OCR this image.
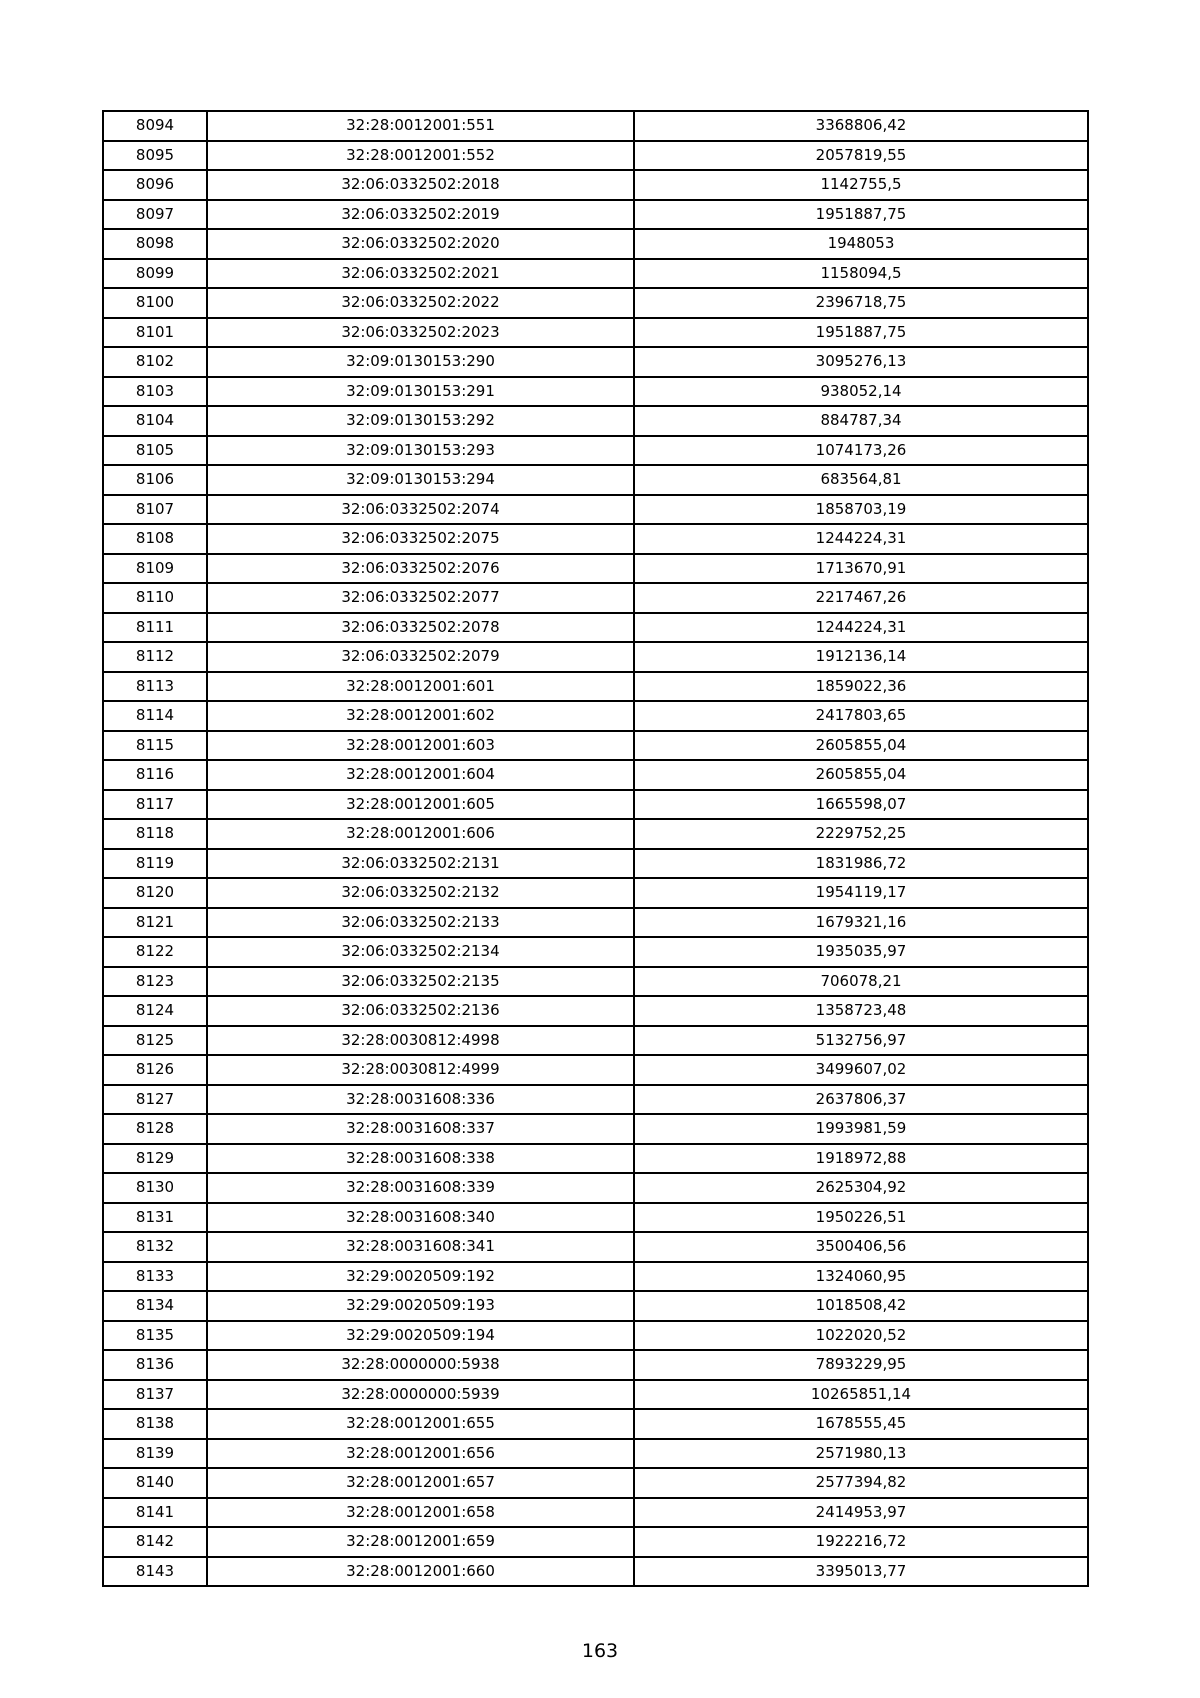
8094	32:28:0012001:551	3368806,42
8095	32:28:0012001:552	2057819,55
8096	32:06:0332502:2018	1142755,5
8097	32:06:0332502:2019	1951887,75
8098	32:06:0332502:2020	1948053
8099	32:06:0332502:2021	1158094,5
8100	32:06:0332502:2022	2396718,75
8101	32:06:0332502:2023	1951887,75
8102	32:09:0130153:290	3095276,13
8103	32:09:0130153:291	938052,14
8104	32:09:0130153:292	884787,34
8105	32:09:0130153:293	1074173,26
8106	32:09:0130153:294	683564,81
8107	32:06:0332502:2074	1858703,19
8108	32:06:0332502:2075	1244224,31
8109	32:06:0332502:2076	1713670,91
8110	32:06:0332502:2077	2217467,26
8111	32:06:0332502:2078	1244224,31
8112	32:06:0332502:2079	1912136,14
8113	32:28:0012001:601	1859022,36
8114	32:28:0012001:602	2417803,65
8115	32:28:0012001:603	2605855,04
8116	32:28:0012001:604	2605855,04
8117	32:28:0012001:605	1665598,07
8118	32:28:0012001:606	2229752,25
8119	32:06:0332502:2131	1831986,72
8120	32:06:0332502:2132	1954119,17
8121	32:06:0332502:2133	1679321,16
8122	32:06:0332502:2134	1935035,97
8123	32:06:0332502:2135	706078,21
8124	32:06:0332502:2136	1358723,48
8125	32:28:0030812:4998	5132756,97
8126	32:28:0030812:4999	3499607,02
8127	32:28:0031608:336	2637806,37
8128	32:28:0031608:337	1993981,59
8129	32:28:0031608:338	1918972,88
8130	32:28:0031608:339	2625304,92
8131	32:28:0031608:340	1950226,51
8132	32:28:0031608:341	3500406,56
8133	32:29:0020509:192	1324060,95
8134	32:29:0020509:193	1018508,42
8135	32:29:0020509:194	1022020,52
8136	32:28:0000000:5938	7893229,95
8137	32:28:0000000:5939	10265851,14
8138	32:28:0012001:655	1678555,45
8139	32:28:0012001:656	2571980,13
8140	32:28:0012001:657	2577394,82
8141	32:28:0012001:658	2414953,97
8142	32:28:0012001:659	1922216,72
8143	32:28:0012001:660	3395013,77
163
